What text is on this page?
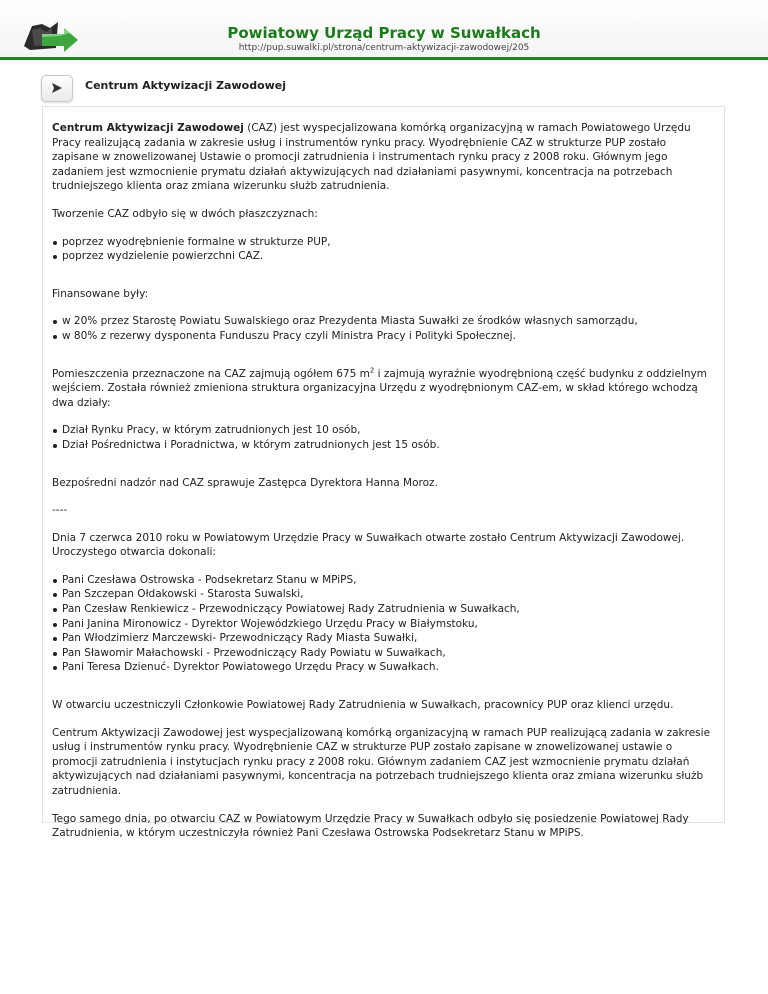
Powiatowy Urząd Pracy w Suwałkach
http://pup.suwalki.pl/strona/centrum-aktywizacji-zawodowej/205
Centrum Aktywizacji Zawodowej

Centrum Aktywizacji Zawodowej (CAZ) jest wyspecjalizowana komórką organizacyjną w ramach Powiatowego Urzędu Pracy realizującą zadania w zakresie usług i instrumentów rynku pracy. Wyodrębnienie CAZ w strukturze PUP zostało zapisane w znowelizowanej Ustawie o promocji zatrudnienia i instrumentach rynku pracy z 2008 roku. Głównym jego zadaniem jest wzmocnienie prymatu działań aktywizujących nad działaniami pasywnymi, koncentracja na potrzebach trudniejszego klienta oraz zmiana wizerunku służb zatrudnienia.

Tworzenie CAZ odbyło się w dwóch płaszczyznach:

poprzez wyodrębnienie formalne w strukturze PUP,
poprzez wydzielenie powierzchni CAZ.

Finansowane były:

w 20% przez Starostę Powiatu Suwalskiego oraz Prezydenta Miasta Suwałki ze środków własnych samorządu,
w 80% z rezerwy dysponenta Funduszu Pracy czyli Ministra Pracy i Polityki Społecznej.

Pomieszczenia przeznaczone na CAZ zajmują ogółem 675 $m^2$ i zajmują wyraźnie wyodrębnioną część budynku z oddzielnym wejściem. Została również zmieniona struktura organizacyjna Urzędu z wyodrębnionym CAZ-em, w skład którego wchodzą dwa działy:

Dział Rynku Pracy, w którym zatrudnionych jest 10 osób,
Dział Pośrednictwa i Poradnictwa, w którym zatrudnionych jest 15 osób.

Bezpośredni nadzór nad CAZ sprawuje Zastępca Dyrektora Hanna Moroz.

----

Dnia 7 czerwca 2010 roku w Powiatowym Urzędzie Pracy w Suwałkach otwarte zostało Centrum Aktywizacji Zawodowej. Uroczystego otwarcia dokonali:

Pani Czesława Ostrowska - Podsekretarz Stanu w MPiPS,
Pan Szczepan Ołdakowski - Starosta Suwalski,
Pan Czesław Renkiewicz - Przewodniczący Powiatowej Rady Zatrudnienia w Suwałkach,
Pani Janina Mironowicz - Dyrektor Wojewódzkiego Urzędu Pracy w Białymstoku,
Pan Włodzimierz Marczewski- Przewodniczący Rady Miasta Suwałki,
Pan Sławomir Małachowski - Przewodniczący Rady Powiatu w Suwałkach,
Pani Teresa Dzienuć- Dyrektor Powiatowego Urzędu Pracy w Suwałkach.

W otwarciu uczestniczyli Członkowie Powiatowej Rady Zatrudnienia w Suwałkach, pracownicy PUP oraz klienci urzędu.

Centrum Aktywizacji Zawodowej jest wyspecjalizowaną komórką organizacyjną w ramach PUP realizującą zadania w zakresie usług i instrumentów rynku pracy. Wyodrębnienie CAZ w strukturze PUP zostało zapisane w znowelizowanej ustawie o promocji zatrudnienia i instytucjach rynku pracy z 2008 roku. Głównym zadaniem CAZ jest wzmocnienie prymatu działań aktywizujących nad działaniami pasywnymi, koncentracja na potrzebach trudniejszego klienta oraz zmiana wizerunku służb zatrudnienia.

Tego samego dnia, po otwarciu CAZ w Powiatowym Urzędzie Pracy w Suwałkach odbyło się posiedzenie Powiatowej Rady Zatrudnienia, w którym uczestniczyła również Pani Czesława Ostrowska Podsekretarz Stanu w MPiPS.
